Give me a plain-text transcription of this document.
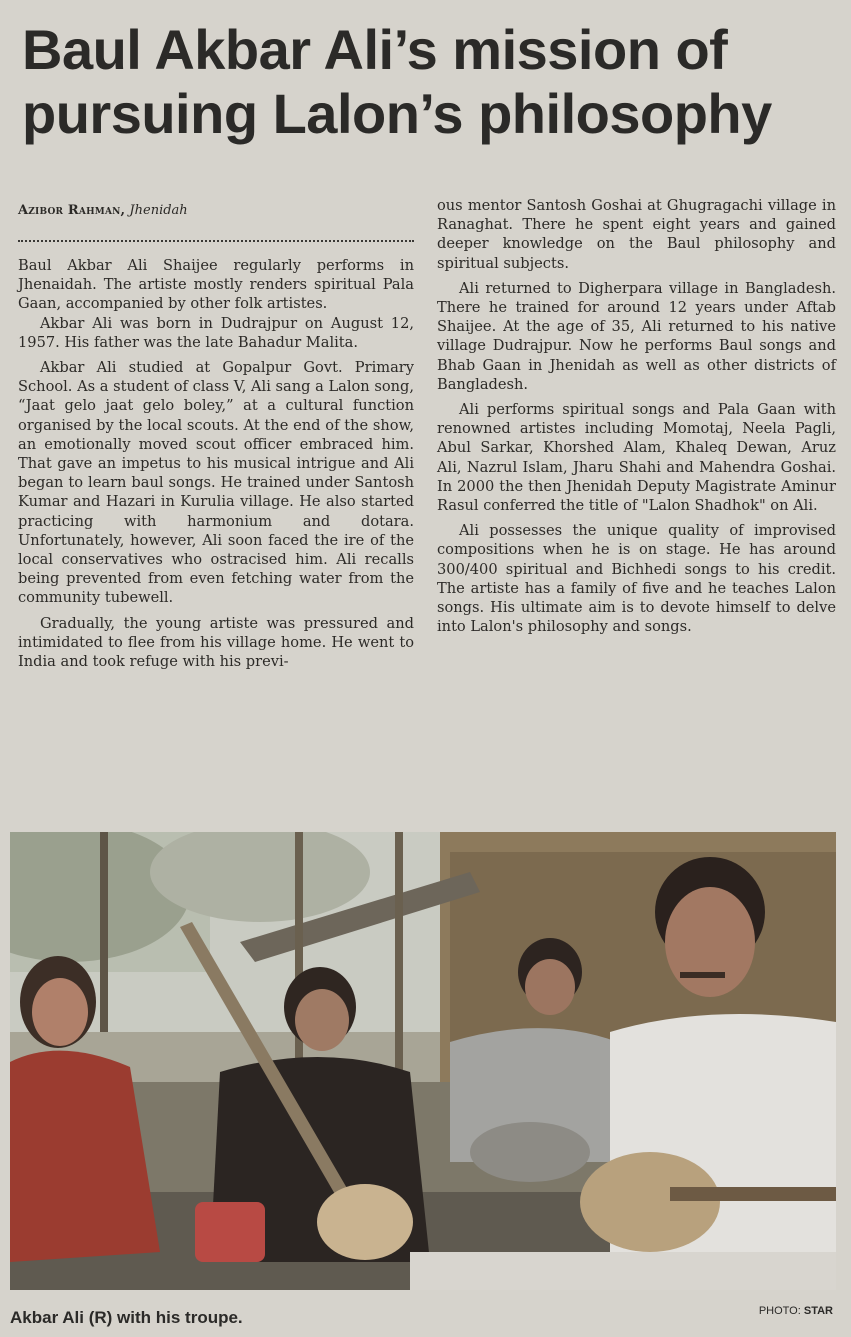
Baul Akbar Ali’s mission of pursuing Lalon’s philosophy
Azibor Rahman, Jhenidah

Baul Akbar Ali Shaijee regularly performs in Jhenaidah. The artiste mostly renders spiritual Pala Gaan, accompanied by other folk artistes.

Akbar Ali was born in Dudrajpur on August 12, 1957. His father was the late Bahadur Malita.

Akbar Ali studied at Gopalpur Govt. Primary School. As a student of class V, Ali sang a Lalon song, “Jaat gelo jaat gelo boley,” at a cultural function organised by the local scouts. At the end of the show, an emotionally moved scout officer embraced him. That gave an impetus to his musical intrigue and Ali began to learn baul songs. He trained under Santosh Kumar and Hazari in Kurulia village. He also started practicing with harmonium and dotara. Unfortunately, however, Ali soon faced the ire of the local conservatives who ostracised him. Ali recalls being prevented from even fetching water from the community tubewell.

Gradually, the young artiste was pressured and intimidated to flee from his village home. He went to India and took refuge with his previ-

ous mentor Santosh Goshai at Ghugragachi village in Ranaghat. There he spent eight years and gained deeper knowledge on the Baul philosophy and spiritual subjects.

Ali returned to Digherpara village in Bangladesh. There he trained for around 12 years under Aftab Shaijee. At the age of 35, Ali returned to his native village Dudrajpur. Now he performs Baul songs and Bhab Gaan in Jhenidah as well as other districts of Bangladesh.

Ali performs spiritual songs and Pala Gaan with renowned artistes including Momotaj, Neela Pagli, Abul Sarkar, Khorshed Alam, Khaleq Dewan, Aruz Ali, Nazrul Islam, Jharu Shahi and Mahendra Goshai. In 2000 the then Jhenidah Deputy Magistrate Aminur Rasul conferred the title of "Lalon Shadhok" on Ali.

Ali possesses the unique quality of improvised compositions when he is on stage. He has around 300/400 spiritual and Bichhedi songs to his credit. The artiste has a family of five and he teaches Lalon songs. His ultimate aim is to devote himself to delve into Lalon's philosophy and songs.

Akbar Ali (R) with his troupe.	PHOTO: STAR
